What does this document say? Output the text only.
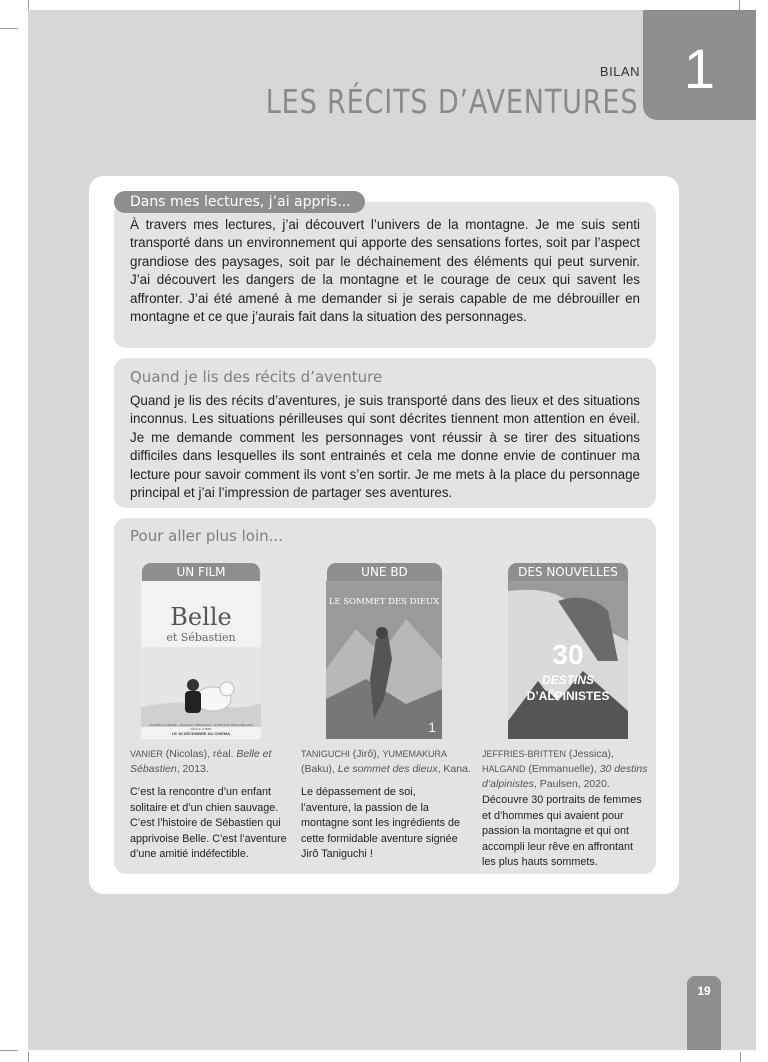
1
BILAN
LES RÉCITS D’AVENTURES
Dans mes lectures, j’ai appris...

À travers mes lectures, j’ai découvert l’univers de la montagne. Je me suis senti transporté dans un environnement qui apporte des sensations fortes, soit par l’aspect grandiose des paysages, soit par le déchainement des éléments qui peut survenir. J’ai découvert les dangers de la montagne et le courage de ceux qui savent les affronter. J’ai été amené à me demander si je serais capable de me débrouiller en montagne et ce que j’aurais fait dans la situation des personnages.

Quand je lis des récits d’aventure

Quand je lis des récits d’aventures, je suis transporté dans des lieux et des situations inconnus. Les situations périlleuses qui sont décrites tiennent mon attention en éveil. Je me demande comment les personnages vont réussir à se tirer des situations difficiles dans lesquelles ils sont entrainés et cela me donne envie de continuer ma lecture pour savoir comment ils vont s’en sortir. Je me mets à la place du personnage principal et j’ai l’impression de partager ses aventures.

Pour aller plus loin...
UN FILM
Belle
et Sébastien
D'APRÈS LA SÉRIE « BELLE ET SÉBASTIEN » ÉCRITE ET RÉALISÉE PAR CÉCILE AUBRY
LE 18 DÉCEMBRE AU CINÉMA

VANIER (Nicolas), réal. Belle et Sébastien, 2013.

C’est la rencontre d’un enfant solitaire et d’un chien sauvage. C’est l’histoire de Sébastien qui apprivoise Belle. C’est l’aventure d’une amitié indéfectible.

UNE BD
LE SOMMET DES DIEUX
1

TANIGUCHI (Jirô), YUMEMAKURA (Baku), Le sommet des dieux, Kana.

Le dépassement de soi, l’aventure, la passion de la montagne sont les ingrédients de cette formidable aventure signée Jirô Taniguchi !

DES NOUVELLES
30
DESTINS
D’ALPINISTES

JEFFRIES-BRITTEN (Jessica), HALGAND (Emmanuelle), 30 destins d’alpinistes, Paulsen, 2020.

Découvre 30 portraits de femmes et d’hommes qui avaient pour passion la montagne et qui ont accompli leur rêve en affrontant les plus hauts sommets.

19
